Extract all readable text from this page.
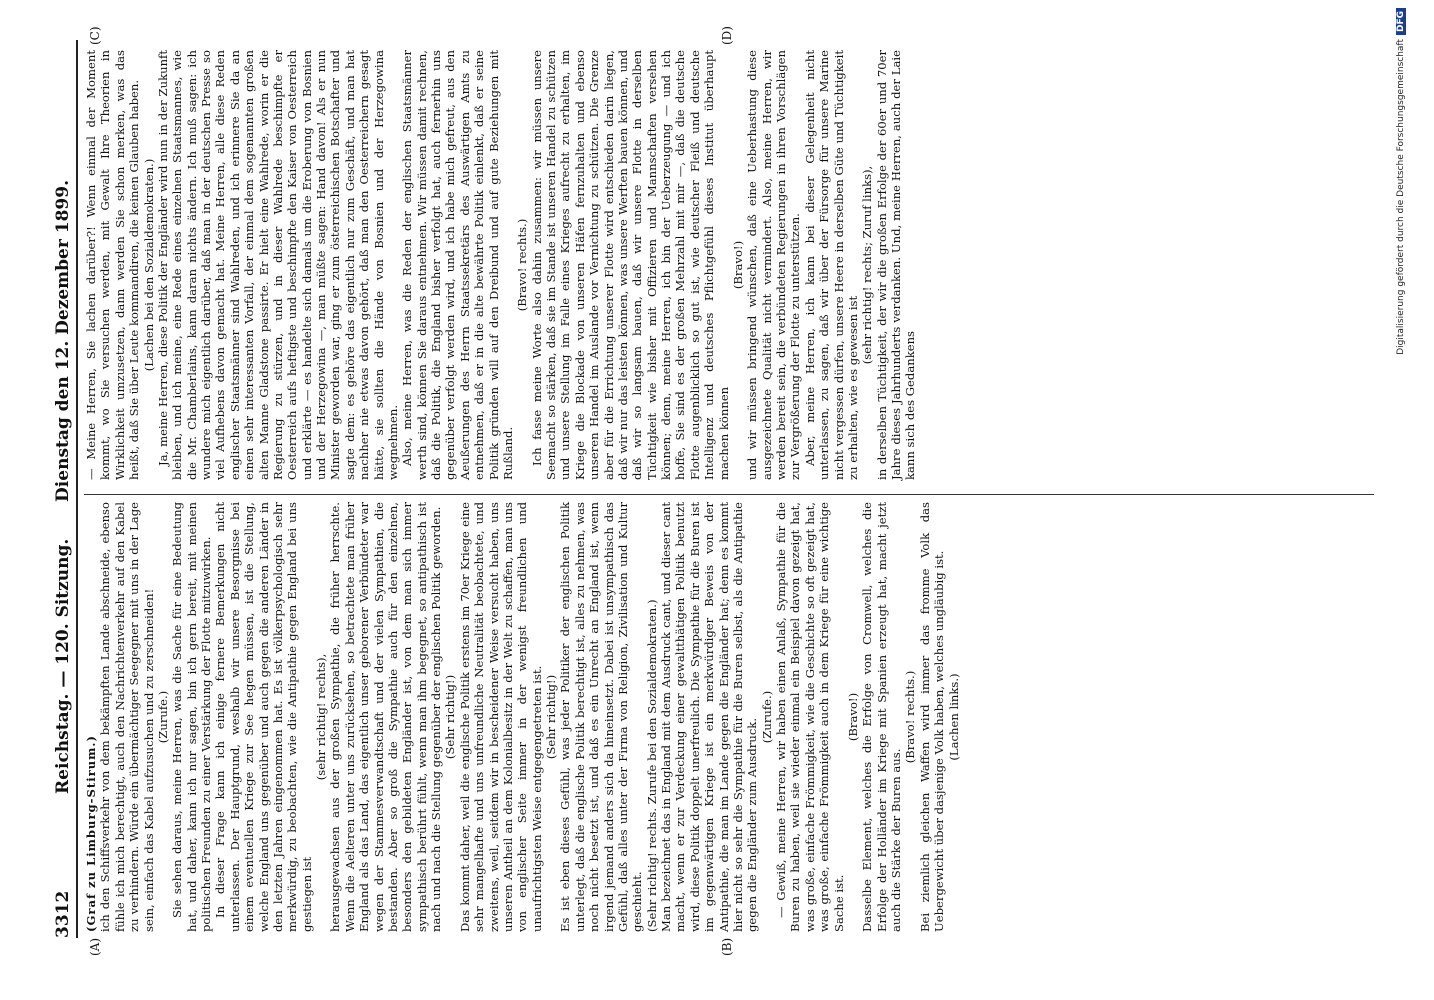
3312
Reichstag. — 120. Sitzung.
Dienstag den 12. Dezember 1899.
(A)	(B)
(C)	(D)

(Graf zu Limburg-Stirum.) ich den Schiffsverkehr von dem bekämpften Lande abschneide, ebenso fühle ich mich berechtigt, auch den Nachrichtenverkehr auf den Kabel zu verhindern. Würde ein übermächtiger Seegegner mit uns in der Lage sein, einfach das Kabel aufzusuchen und zu zerschneiden! (Zurufe.) Sie sehen daraus, meine Herren, was die Sache für eine Bedeutung hat, und daher, kann ich nur sagen, bin ich gern bereit, mit meinen politischen Freunden zu einer Verstärkung der Flotte mitzuwirken. In dieser Frage kann ich einige fernere Bemerkungen nicht unterlassen. Der Hauptgrund, weshalb wir unsere Besorgnisse bei einem eventuellen Kriege zur See hegen müssen, ist die Stellung, welche England uns gegenüber und auch gegen die anderen Länder in den letzten Jahren eingenommen hat. Es ist völkerpsychologisch sehr merkwürdig, zu beobachten, wie die Antipathie gegen England bei uns gestiegen ist

(sehr richtig! rechts), herausgewachsen aus der großen Sympathie, die früher herrschte. Wenn die Aelteren unter uns zurücksehen, so betrachtete man früher England als das Land, das eigentlich unser geborener Verbündeter war wegen der Stammesverwandtschaft und der vielen Sympathien, die bestanden. Aber so groß die Sympathie auch für den einzelnen, besonders den gebildeten Engländer ist, von dem man sich immer sympathisch berührt fühlt, wenn man ihm begegnet, so antipathisch ist nach und nach die Stellung gegenüber der englischen Politik geworden. (Sehr richtig!) Das kommt daher, weil die englische Politik erstens im 70er Kriege eine sehr mangelhafte und uns unfreundliche Neutralität beobachtete, und zweitens, weil, seitdem wir in bescheidener Weise versucht haben, uns unseren Antheil an dem Kolonialbesitz in der Welt zu schaffen, man uns von englischer Seite immer in der wenigst freundlichen und unaufrichtigsten Weise entgegengetreten ist. (Sehr richtig!) Es ist eben dieses Gefühl, was jeder Politiker der englischen Politik unterlegt, daß die englische Politik berechtigt ist, alles zu nehmen, was noch nicht besetzt ist, und daß es ein Unrecht an England ist, wenn irgend jemand anders sich da hineinsetzt. Dabei ist unsympathisch das Gefühl, daß alles unter der Firma von Religion, Zivilisation und Kultur geschieht. (Sehr richtig! rechts. Zurufe bei den Sozialdemokraten.) Man bezeichnet das in England mit dem Ausdruck cant, und dieser cant macht, wenn er zur Verdeckung einer gewaltthätigen Politik benutzt wird, diese Politik doppelt unerfreulich. Die Sympathie für die Buren ist im gegenwärtigen Kriege ist ein merkwürdiger Beweis von der Antipathie, die man im Lande gegen die Engländer hat; denn es kommt hier nicht so sehr die Sympathie für die Buren selbst, als die Antipathie gegen die Engländer zum Ausdruck.

(Zurufe.) — Gewiß, meine Herren, wir haben einen Anlaß, Sympathie für die Buren zu haben, weil sie wieder einmal ein Beispiel davon gezeigt hat, was große, einfache Frömmigkeit, wie die Geschichte so oft gezeigt hat, was große, einfache Frömmigkeit auch in dem Kriege für eine wichtige Sache ist.

(Bravo!) Dasselbe Element, welches die Erfolge von Cromwell, welches die Erfolge der Holländer im Kriege mit Spanien erzeugt hat, macht jetzt auch die Stärke der Buren aus.

(Bravo! rechts.) Bei ziemlich gleichen Waffen wird immer das fromme Volk das Uebergewicht über dasjenige Volk haben, welches ungläubig ist. (Lachen links.)

— Meine Herren, Sie lachen darüber?! Wenn einmal der Moment kommt, wo Sie versuchen werden, mit Gewalt Ihre Theorien in Wirklichkeit umzusetzen, dann werden Sie schon merken, was das heißt, daß Sie über Leute kommandiren, die keinen Glauben haben. (Lachen bei den Sozialdemokraten.) Ja, meine Herren, diese Politik der Engländer wird nun in der Zukunft bleiben, und ich meine, eine Rede eines einzelnen Staatsmannes, wie die Mr. Chamberlains, kann daran nichts ändern. Ich muß sagen: ich wundere mich eigentlich darüber, daß man in der deutschen Presse so viel Aufhebens davon gemacht hat. Meine Herren, alle diese Reden englischer Staatsmänner sind Wahlreden, und ich erinnere Sie da an einen sehr interessanten Vorfall, der einmal dem sogenannten großen alten Manne Gladstone passirte. Er hielt eine Wahlrede, worin er die Regierung zu stürzen, und in dieser Wahlrede beschimpfte er Oesterreich aufs heftigste und beschimpfte den Kaiser von Oesterreich und erklärte — es handelte sich damals um die Eroberung von Bosnien und der Herzegowina —, man müßte sagen: Hand davon! Als er nun Minister geworden war, ging er zum österreichischen Botschafter und sagte dem: es gehöre das eigentlich nur zum Geschäft, und man hat nachher nie etwas davon gehört, daß man den Oesterreichern gesagt hätte, sie sollten die Hände von Bosnien und der Herzegowina wegnehmen. Also, meine Herren, was die Reden der englischen Staatsmänner werth sind, können Sie daraus entnehmen. Wir müssen damit rechnen, daß die Politik, die England bisher verfolgt hat, auch fernerhin uns gegenüber verfolgt werden wird, und ich habe mich gefreut, aus den Aeußerungen des Herrn Staatssekretärs des Auswärtigen Amts zu entnehmen, daß er in die alte bewährte Politik einlenkt, daß er seine Politik gründen will auf den Dreibund und auf gute Beziehungen mit Rußland.

(Bravo! rechts.) Ich fasse meine Worte also dahin zusammen: wir müssen unsere Seemacht so stärken, daß sie im Stande ist unseren Handel zu schützen und unsere Stellung im Falle eines Krieges aufrecht zu erhalten, im Kriege die Blockade von unseren Häfen fernzuhalten und ebenso unseren Handel im Auslande vor Vernichtung zu schützen. Die Grenze aber für die Errichtung unserer Flotte wird entschieden darin liegen, daß wir nur das leisten können, was unsere Werften bauen können, und daß wir so langsam bauen, daß wir unsere Flotte in derselben Tüchtigkeit wie bisher mit Offizieren und Mannschaften versehen können; denn, meine Herren, ich bin der Ueberzeugung — und ich hoffe, Sie sind es der großen Mehrzahl mit mir —, daß die deutsche Flotte augenblicklich so gut ist, wie deutscher Fleiß und deutsche Intelligenz und deutsches Pflichtgefühl dieses Institut überhaupt machen können

(Bravo!) und wir müssen bringend wünschen, daß eine Ueberhastung diese ausgezeichnete Qualität nicht vermindert. Also, meine Herren, wir werden bereit sein, die verbündeten Regierungen in ihren Vorschlägen zur Vergrößerung der Flotte zu unterstützen. Aber, meine Herren, ich kann bei dieser Gelegenheit nicht unterlassen, zu sagen, daß wir über der Fürsorge für unsere Marine nicht vergessen dürfen, unsere Heere in derselben Güte und Tüchtigkeit zu erhalten, wie es gewesen ist

(sehr richtig! rechts; Zuruf links), in derselben Tüchtigkeit, der wir die großen Erfolge der 60er und 70er Jahre dieses Jahrhunderts verdanken. Und, meine Herren, auch der Laie kann sich des Gedankens

Digitalisierung gefördert durch die Deutsche ForschungsgemeinschaftDFG
